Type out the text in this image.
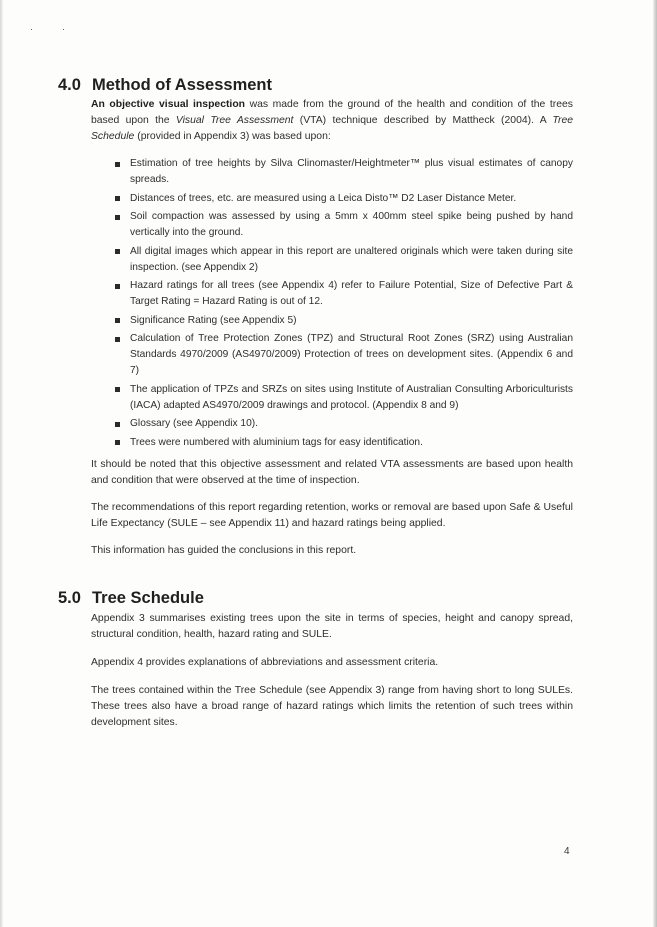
·	·
4.0 Method of Assessment

An objective visual inspection was made from the ground of the health and condition of the trees based upon the Visual Tree Assessment (VTA) technique described by Mattheck (2004). A Tree Schedule (provided in Appendix 3) was based upon:

Estimation of tree heights by Silva Clinomaster/Heightmeter™ plus visual estimates of canopy spreads.
Distances of trees, etc. are measured using a Leica Disto™ D2 Laser Distance Meter.
Soil compaction was assessed by using a 5mm x 400mm steel spike being pushed by hand vertically into the ground.
All digital images which appear in this report are unaltered originals which were taken during site inspection. (see Appendix 2)
Hazard ratings for all trees (see Appendix 4) refer to Failure Potential, Size of Defective Part & Target Rating = Hazard Rating is out of 12.
Significance Rating (see Appendix 5)
Calculation of Tree Protection Zones (TPZ) and Structural Root Zones (SRZ) using Australian Standards 4970/2009 (AS4970/2009) Protection of trees on development sites. (Appendix 6 and 7)
The application of TPZs and SRZs on sites using Institute of Australian Consulting Arboriculturists (IACA) adapted AS4970/2009 drawings and protocol. (Appendix 8 and 9)
Glossary (see Appendix 10).
Trees were numbered with aluminium tags for easy identification.

It should be noted that this objective assessment and related VTA assessments are based upon health and condition that were observed at the time of inspection.

The recommendations of this report regarding retention, works or removal are based upon Safe & Useful Life Expectancy (SULE – see Appendix 11) and hazard ratings being applied.

This information has guided the conclusions in this report.

5.0 Tree Schedule

Appendix 3 summarises existing trees upon the site in terms of species, height and canopy spread, structural condition, health, hazard rating and SULE.

Appendix 4 provides explanations of abbreviations and assessment criteria.

The trees contained within the Tree Schedule (see Appendix 3) range from having short to long SULEs. These trees also have a broad range of hazard ratings which limits the retention of such trees within development sites.

4
